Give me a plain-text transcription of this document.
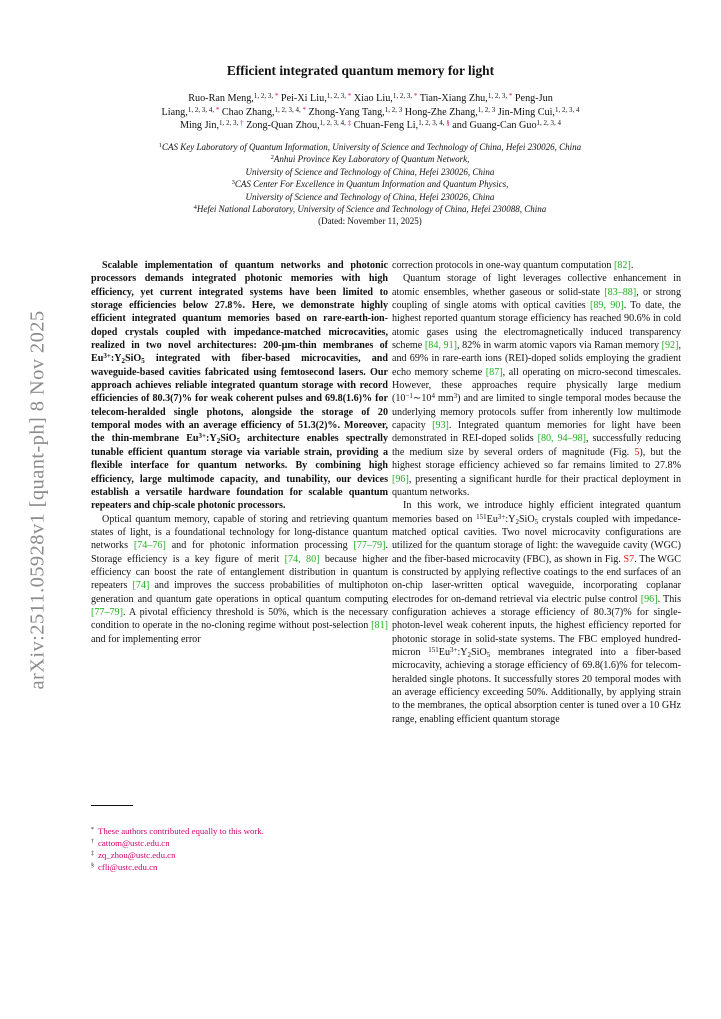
arXiv:2511.05928v1 [quant-ph] 8 Nov 2025
Efficient integrated quantum memory for light
Ruo-Ran Meng,$^{1, 2, 3, *}$ Pei-Xi Liu,$^{1, 2, 3, *}$ Xiao Liu,$^{1, 2, 3, *}$ Tian-Xiang Zhu,$^{1, 2, 3, *}$ Peng-Jun
Liang,$^{1, 2, 3, 4, *}$ Chao Zhang,$^{1, 2, 3, 4, *}$ Zhong-Yang Tang,$^{1, 2, 3}$ Hong-Zhe Zhang,$^{1, 2, 3}$ Jin-Ming Cui,$^{1, 2, 3, 4}$
Ming Jin,$^{1, 2, 3, \dagger}$ Zong-Quan Zhou,$^{1, 2, 3, 4, \ddagger}$ Chuan-Feng Li,$^{1, 2, 3, 4, \S}$ and Guang-Can Guo$^{1, 2, 3, 4}$
$^1$CAS Key Laboratory of Quantum Information, University of Science and Technology of China, Hefei 230026, China
$^2$Anhui Province Key Laboratory of Quantum Network,
University of Science and Technology of China, Hefei 230026, China
$^3$CAS Center For Excellence in Quantum Information and Quantum Physics,
University of Science and Technology of China, Hefei 230026, China
$^4$Hefei National Laboratory, University of Science and Technology of China, Hefei 230088, China
(Dated: November 11, 2025)

Scalable implementation of quantum networks and photonic processors demands integrated photonic memories with high efficiency, yet current integrated systems have been limited to storage efficiencies below 27.8%. Here, we demonstrate highly efficient integrated quantum memories based on rare-earth-ion-doped crystals coupled with impedance-matched microcavities, realized in two novel architectures: 200-µm-thin membranes of $Eu^{3+}:Y_2SiO_5$ integrated with fiber-based microcavities, and waveguide-based cavities fabricated using femtosecond lasers. Our approach achieves reliable integrated quantum storage with record efficiencies of 80.3(7)% for weak coherent pulses and 69.8(1.6)% for telecom-heralded single photons, alongside the storage of 20 temporal modes with an average efficiency of 51.3(2)%. Moreover, the thin-membrane $Eu^{3+}:Y_2SiO_5$ architecture enables spectrally tunable efficient quantum storage via variable strain, providing a flexible interface for quantum networks. By combining high efficiency, large multimode capacity, and tunability, our devices establish a versatile hardware foundation for scalable quantum repeaters and chip-scale photonic processors.

Optical quantum memory, capable of storing and retrieving quantum states of light, is a foundational technology for long-distance quantum networks [74–76] and for photonic information processing [77–79]. Storage efficiency is a key figure of merit [74, 80] because higher efficiency can boost the rate of entanglement distribution in quantum repeaters [74] and improves the success probabilities of multiphoton generation and quantum gate operations in optical quantum computing [77–79]. A pivotal efficiency threshold is 50%, which is the necessary condition to operate in the no-cloning regime without post-selection [81] and for implementing error

* These authors contributed equally to this work.
† cattom@ustc.edu.cn
‡ zq_zhou@ustc.edu.cn
§ cfli@ustc.edu.cn

correction protocols in one-way quantum computation [82].

Quantum storage of light leverages collective enhancement in atomic ensembles, whether gaseous or solid-state [83–88], or strong coupling of single atoms with optical cavities [89, 90]. To date, the highest reported quantum storage efficiency has reached 90.6% in cold atomic gases using the electromagnetically induced transparency scheme [84, 91], 82% in warm atomic vapors via Raman memory [92], and 69% in rare-earth ions (REI)-doped solids employing the gradient echo memory scheme [87], all operating on micro-second timescales. However, these approaches require physically large medium ($10^{-1}\sim 10^4$ $mm^3$) and are limited to single temporal modes because the underlying memory protocols suffer from inherently low multimode capacity [93]. Integrated quantum memories for light have been demonstrated in REI-doped solids [80, 94–98], successfully reducing the medium size by several orders of magnitude (Fig. 5), but the highest storage efficiency achieved so far remains limited to 27.8% [96], presenting a significant hurdle for their practical deployment in quantum networks.

In this work, we introduce highly efficient integrated quantum memories based on $^{151}Eu^{3+}:Y_2SiO_5$ crystals coupled with impedance-matched optical cavities. Two novel microcavity configurations are utilized for the quantum storage of light: the waveguide cavity (WGC) and the fiber-based microcavity (FBC), as shown in Fig. S7. The WGC is constructed by applying reflective coatings to the end surfaces of an on-chip laser-written optical waveguide, incorporating coplanar electrodes for on-demand retrieval via electric pulse control [96]. This configuration achieves a storage efficiency of 80.3(7)% for single-photon-level weak coherent inputs, the highest efficiency reported for photonic storage in solid-state systems. The FBC employed hundred-micron $^{151}Eu^{3+}:Y_2SiO_5$ membranes integrated into a fiber-based microcavity, achieving a storage efficiency of 69.8(1.6)% for telecom-heralded single photons. It successfully stores 20 temporal modes with an average efficiency exceeding 50%. Additionally, by applying strain to the membranes, the optical absorption center is tuned over a 10 GHz range, enabling efficient quantum storage
